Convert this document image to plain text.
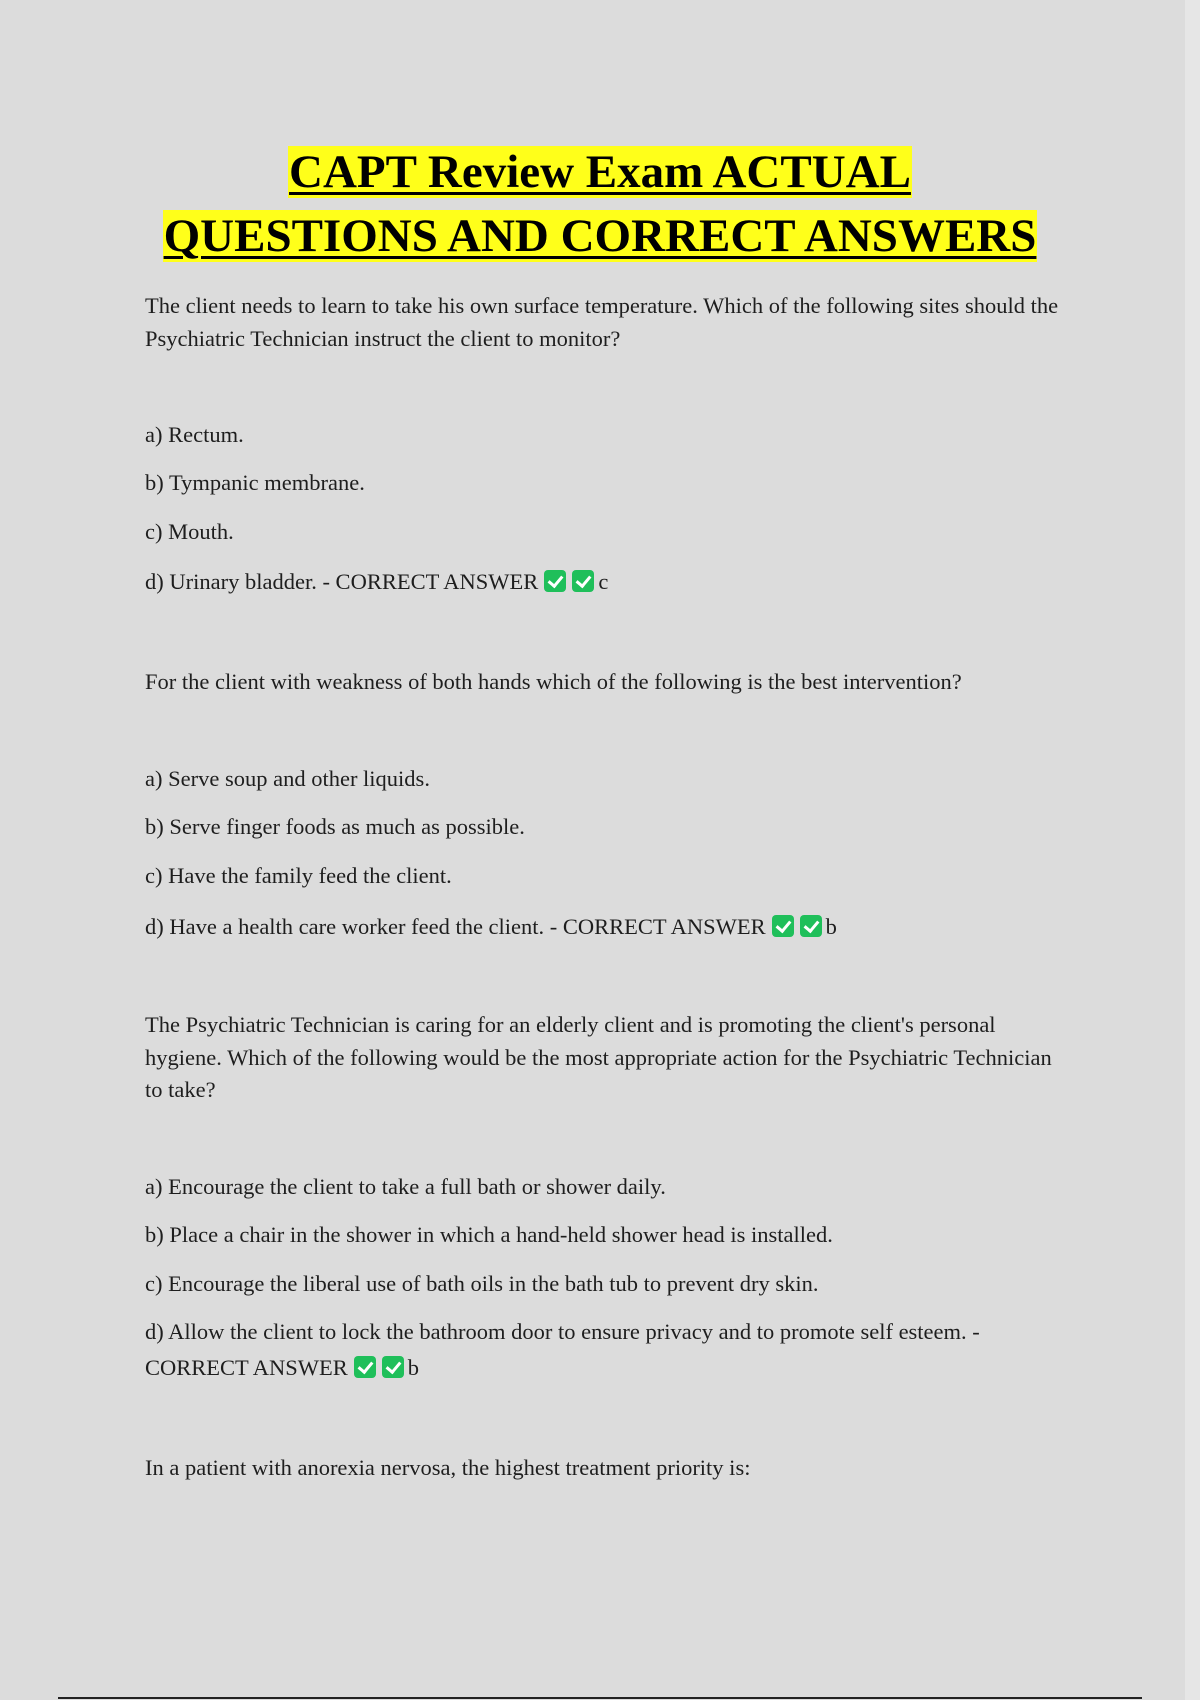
CAPT Review Exam ACTUAL
QUESTIONS AND CORRECT ANSWERS

The client needs to learn to take his own surface temperature. Which of the following sites should the Psychiatric Technician instruct the client to monitor?

a) Rectum.

b) Tympanic membrane.

c) Mouth.

d) Urinary bladder. - CORRECT ANSWER	c

For the client with weakness of both hands which of the following is the best intervention?

a) Serve soup and other liquids.

b) Serve finger foods as much as possible.

c) Have the family feed the client.

d) Have a health care worker feed the client. - CORRECT ANSWER	b

The Psychiatric Technician is caring for an elderly client and is promoting the client's personal hygiene. Which of the following would be the most appropriate action for the Psychiatric Technician to take?

a) Encourage the client to take a full bath or shower daily.

b) Place a chair in the shower in which a hand-held shower head is installed.

c) Encourage the liberal use of bath oils in the bath tub to prevent dry skin.

d) Allow the client to lock the bathroom door to ensure privacy and to promote self esteem. - CORRECT ANSWER	b

In a patient with anorexia nervosa, the highest treatment priority is:
